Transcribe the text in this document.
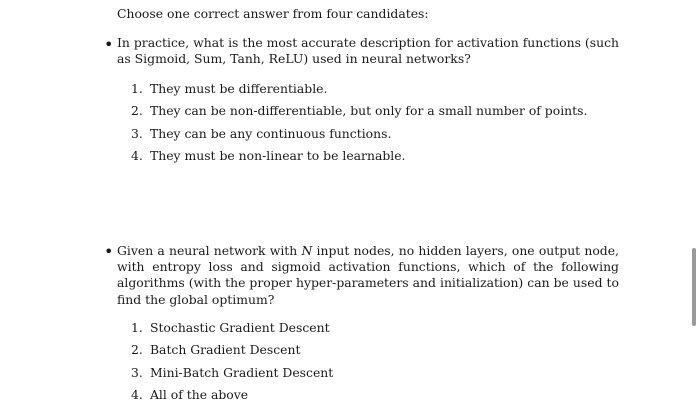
Choose one correct answer from four candidates:
• In practice, what is the most accurate description for activation functions (such as Sigmoid, Sum, Tanh, ReLU) used in neural networks?
1. They must be differentiable.
2. They can be non-differentiable, but only for a small number of points.
3. They can be any continuous functions.
4. They must be non-linear to be learnable.
• Given a neural network with N input nodes, no hidden layers, one output node, with entropy loss and sigmoid activation functions, which of the following algorithms (with the proper hyper-parameters and initialization) can be used to find the global optimum?
1. Stochastic Gradient Descent
2. Batch Gradient Descent
3. Mini-Batch Gradient Descent
4. All of the above
